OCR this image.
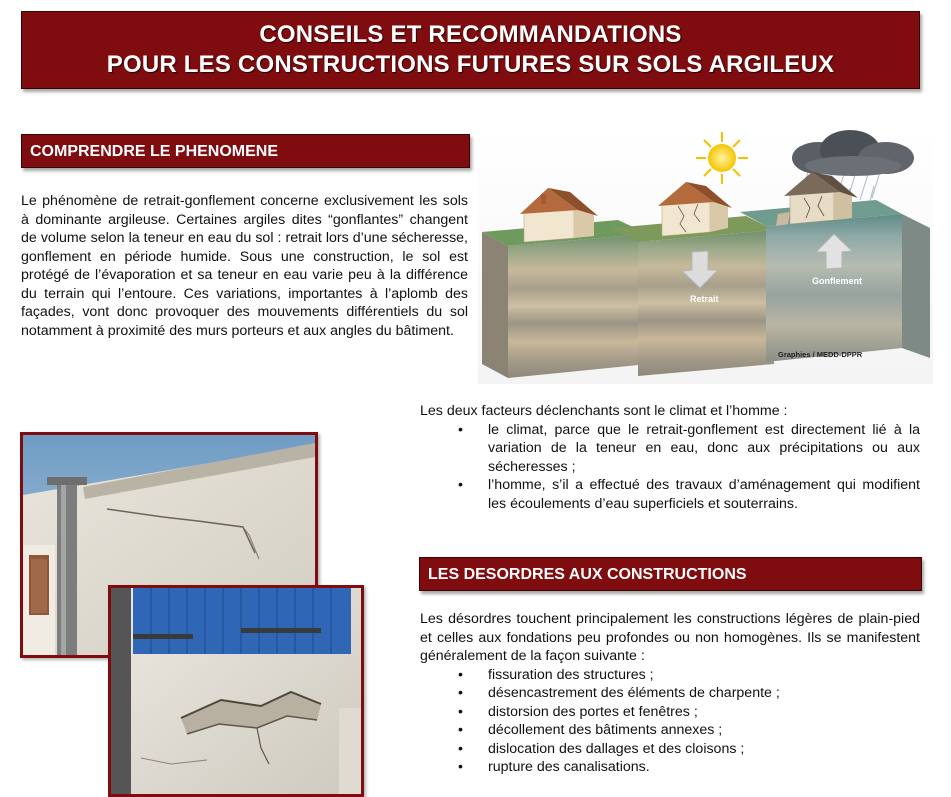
CONSEILS ET RECOMMANDATIONS
POUR LES CONSTRUCTIONS FUTURES SUR SOLS ARGILEUX
COMPRENDRE LE PHENOMENE

Le phénomène de retrait-gonflement concerne exclusivement les sols à dominante argileuse. Certaines argiles dites “gonflantes” changent de volume selon la teneur en eau du sol : retrait lors d’une sécheresse, gonflement en période humide. Sous une construction, le sol est protégé de l’évaporation et sa teneur en eau varie peu à la différence du terrain qui l’entoure. Ces variations, importantes à l’aplomb des façades, vont donc provoquer des mouvements différentiels du sol notamment à proximité des murs porteurs et aux angles du bâtiment.

Retrait
Gonflement
Graphies / MEDD-DPPR

Les deux facteurs déclenchants sont le climat et l’homme :

• le climat, parce que le retrait-gonflement est directement lié à la variation de la teneur en eau, donc aux précipitations ou aux sécheresses ;
• l’homme, s’il a effectué des travaux d’aménagement qui modifient les écoulements d’eau superficiels et souterrains.
LES DESORDRES AUX CONSTRUCTIONS

Les désordres touchent principalement les constructions légères de plain-pied et celles aux fondations peu profondes ou non homogènes. Ils se manifestent généralement de la façon suivante :

• fissuration des structures ;
• désencastrement des éléments de charpente ;
• distorsion des portes et fenêtres ;
• décollement des bâtiments annexes ;
• dislocation des dallages et des cloisons ;
• rupture des canalisations.
